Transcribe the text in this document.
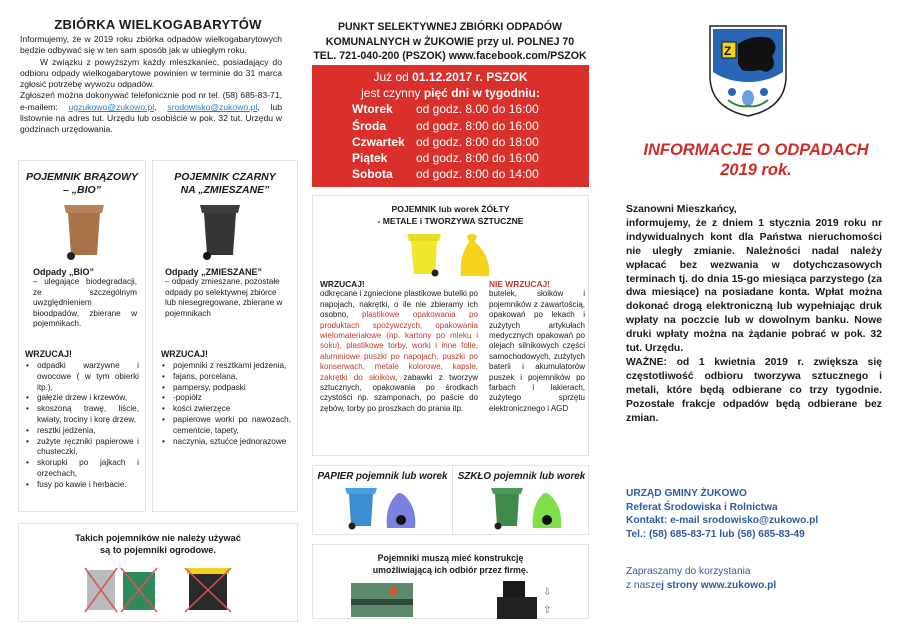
ZBIÓRKA WIELKOGABARYTÓW

Informujemy, że w 2019 roku zbiórka odpadów wielkogabarytowych będzie odbywać się w ten sam sposób jak w ubiegłym roku.

W związku z powyższym każdy mieszkaniec, posiadający do odbioru odpady wielkogabarytowe powinien w terminie do 31 marca zgłosić potrzebę wywozu odpadów.

Zgłoszeń można dokonywać telefonicznie pod nr tel. (58) 685-83-71, e-mailem: ugzukowo@zukowo.pl, srodowisko@zukowo.pl, lub listownie na adres tut. Urzędu lub osobiście w pok. 32 tut. Urzędu w godzinach urzędowania.

POJEMNIK BRĄZOWY
– „BIO”
Odpady „BIO”
– ulegające biodegradacji, ze szczególnym uwzględnieniem bioodpadów, zbierane w pojemnikach.
WRZUCAJ!
• odpadki warzywne i owocowe ( w tym obierki itp.),
• gałęzie drzew i krzewów,
• skoszoną trawę, liście, kwiaty, trociny i korę drzew,
• resztki jedzenia,
• zużyte ręczniki papierowe i chusteczki,
• skorupki po jajkach i orzechach,
• fusy po kawie i herbacie.
POJEMNIK CZARNY
NA „ZMIESZANE”
Odpady „ZMIESZANE”
– odpady zmieszane, pozostałe odpady po selektywnej zbiórce lub niesegregowane, zbierane w pojemnikach
WRZUCAJ!
• pojemniki z resztkami jedzenia,
• fajans, porcelana,
• pampersy, podpaski
• -popiółz
• kości zwierzęce
• papierowe worki po nawozach, cementcie, tapety,
• naczynia, sztućce jednorazowe
Takich pojemników nie należy używać
są to pojemniki ogrodowe.
PUNKT SELEKTYWNEJ ZBIÓRKI ODPADÓW
KOMUNALNYCH w ŻUKOWIE przy ul. POLNEJ 70
TEL. 721-040-200 (PSZOK) www.facebook.com/PSZOK
Już od 01.12.2017 r. PSZOK
jest czynny pięć dni w tygodniu:
Wtorek	od godz. 8.00 do 16:00
Środa	od godz. 8:00 do 16:00
Czwartek od godz. 8:00 do 18:00
Piątek	od godz. 8:00 do 16:00
Sobota	od godz. 8:00 do 14:00
POJEMNIK lub worek ŻÓŁTY
- METALE i TWORZYWA SZTUCZNE
WRZUCAJ!
odkręcane i zgniecione plastikowe butelki po napojach, nakrętki, o ile nie zbieramy ich osobno, plastikowe opakowania po produktach spożywczych, opakowania wielomateriałowe (np. kartony po mleku i soku), plastikowe torby, worki i inne folie, aluminiowe puszki po napojach, puszki po konserwach, metale kolorowe, kapsle, zakrętki do słoików, zabawki z tworzyw sztucznych, opakowania po środkach czystości np. szamponach, po paście do zębów, torby po proszkach do prania itp.
NIE WRZUCAJ!
butelek, słoików i pojemników z zawartością, opakowań po lekach i zużytych artykułach medycznych opakowań po olejach silnikowych części samochodowych, zużytych baterii i akumulatorów puszek i pojemników po farbach i lakierach, zużytego sprzętu elektronicznego i AGD
PAPIER pojemnik lub worek	SZKŁO pojemnik lub worek
Pojemniki muszą mieć konstrukcję
umożliwiającą ich odbiór przez firmę.
⇩
⇧
Z
INFORMACJE O ODPADACH
2019 rok.

Szanowni Mieszkańcy,

informujemy, że z dniem 1 stycznia 2019 roku nr indywidualnych kont dla Państwa nieruchomości nie uległy zmianie. Należności nadal należy wpłacać bez wezwania w dotychczasowych terminach tj. do dnia 15-go miesiąca parzystego (za dwa miesiące) na posiadane konta. Wpłat można dokonać drogą elektroniczną lub wypełniając druk wpłaty na poczcie lub w dowolnym banku. Nowe druki wpłaty można na żądanie pobrać w pok. 32 tut. Urzędu.

WAŻNE: od 1 kwietnia 2019 r. zwiększa się częstotliwość odbioru tworzywa sztucznego i metali, które będą odbierane co trzy tygodnie. Pozostałe frakcje odpadów będą odbierane bez zmian.

URZĄD GMINY ŻUKOWO
Referat Środowiska i Rolnictwa
Kontakt: e-mail srodowisko@zukowo.pl
Tel.: (58) 685-83-71 lub (58) 685-83-49
Zapraszamy do korzystania
z naszej strony www.zukowo.pl
